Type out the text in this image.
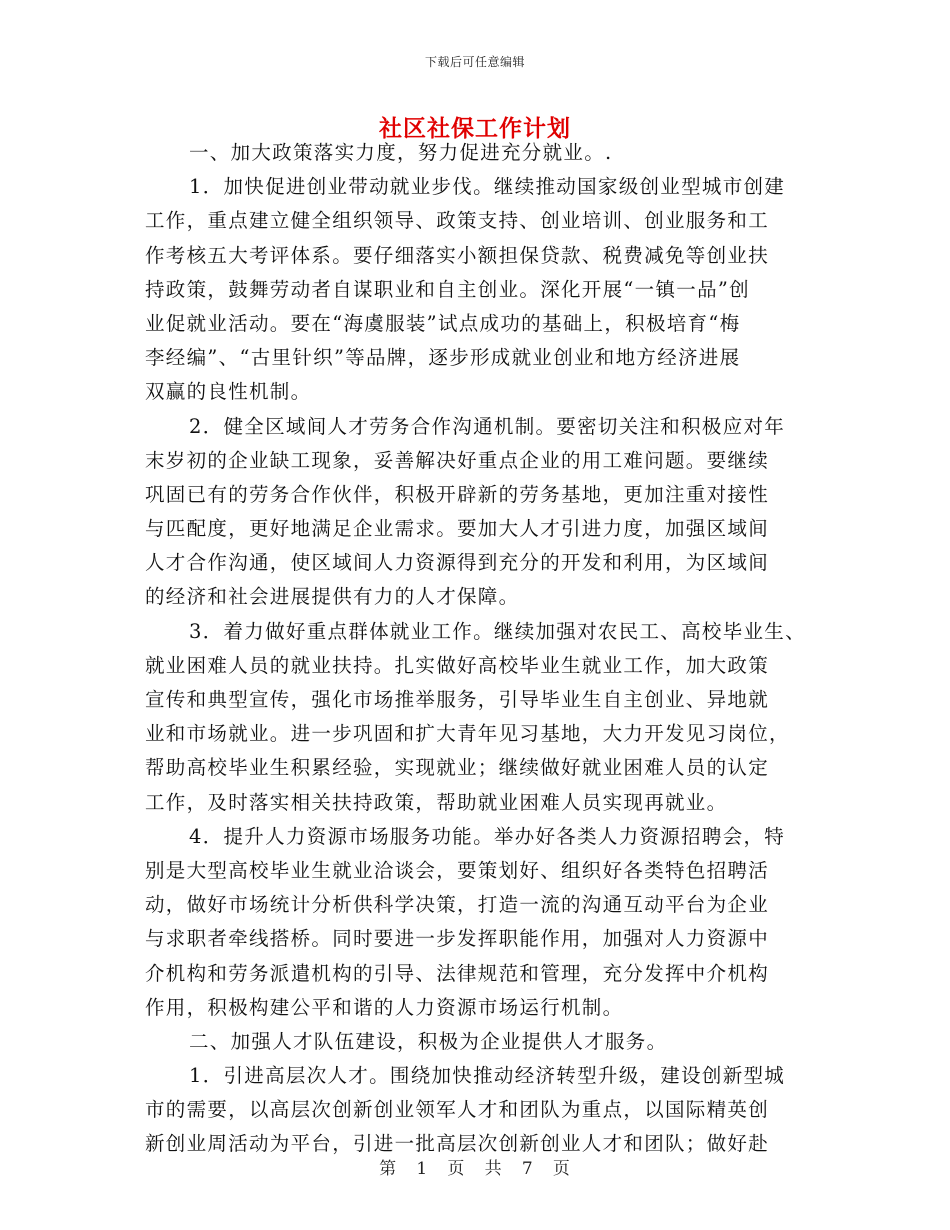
下载后可任意编辑
社区社保工作计划
一、加大政策落实力度，努力促进充分就业。.
1．加快促进创业带动就业步伐。继续推动国家级创业型城市创建
工作，重点建立健全组织领导、政策支持、创业培训、创业服务和工
作考核五大考评体系。要仔细落实小额担保贷款、税费减免等创业扶
持政策，鼓舞劳动者自谋职业和自主创业。深化开展“一镇一品”创
业促就业活动。要在“海虞服装”试点成功的基础上，积极培育“梅
李经编”、“古里针织”等品牌，逐步形成就业创业和地方经济进展
双赢的良性机制。
2．健全区域间人才劳务合作沟通机制。要密切关注和积极应对年
末岁初的企业缺工现象，妥善解决好重点企业的用工难问题。要继续
巩固已有的劳务合作伙伴，积极开辟新的劳务基地，更加注重对接性
与匹配度，更好地满足企业需求。要加大人才引进力度，加强区域间
人才合作沟通，使区域间人力资源得到充分的开发和利用，为区域间
的经济和社会进展提供有力的人才保障。
3．着力做好重点群体就业工作。继续加强对农民工、高校毕业生、
就业困难人员的就业扶持。扎实做好高校毕业生就业工作，加大政策
宣传和典型宣传，强化市场推举服务，引导毕业生自主创业、异地就
业和市场就业。进一步巩固和扩大青年见习基地，大力开发见习岗位，
帮助高校毕业生积累经验，实现就业；继续做好就业困难人员的认定
工作，及时落实相关扶持政策，帮助就业困难人员实现再就业。
4．提升人力资源市场服务功能。举办好各类人力资源招聘会，特
别是大型高校毕业生就业洽谈会，要策划好、组织好各类特色招聘活
动，做好市场统计分析供科学决策，打造一流的沟通互动平台为企业
与求职者牵线搭桥。同时要进一步发挥职能作用，加强对人力资源中
介机构和劳务派遣机构的引导、法律规范和管理，充分发挥中介机构
作用，积极构建公平和谐的人力资源市场运行机制。
二、加强人才队伍建设，积极为企业提供人才服务。
1．引进高层次人才。围绕加快推动经济转型升级，建设创新型城
市的需要，以高层次创新创业领军人才和团队为重点，以国际精英创
新创业周活动为平台，引进一批高层次创新创业人才和团队；做好赴
第 1 页 共 7 页
